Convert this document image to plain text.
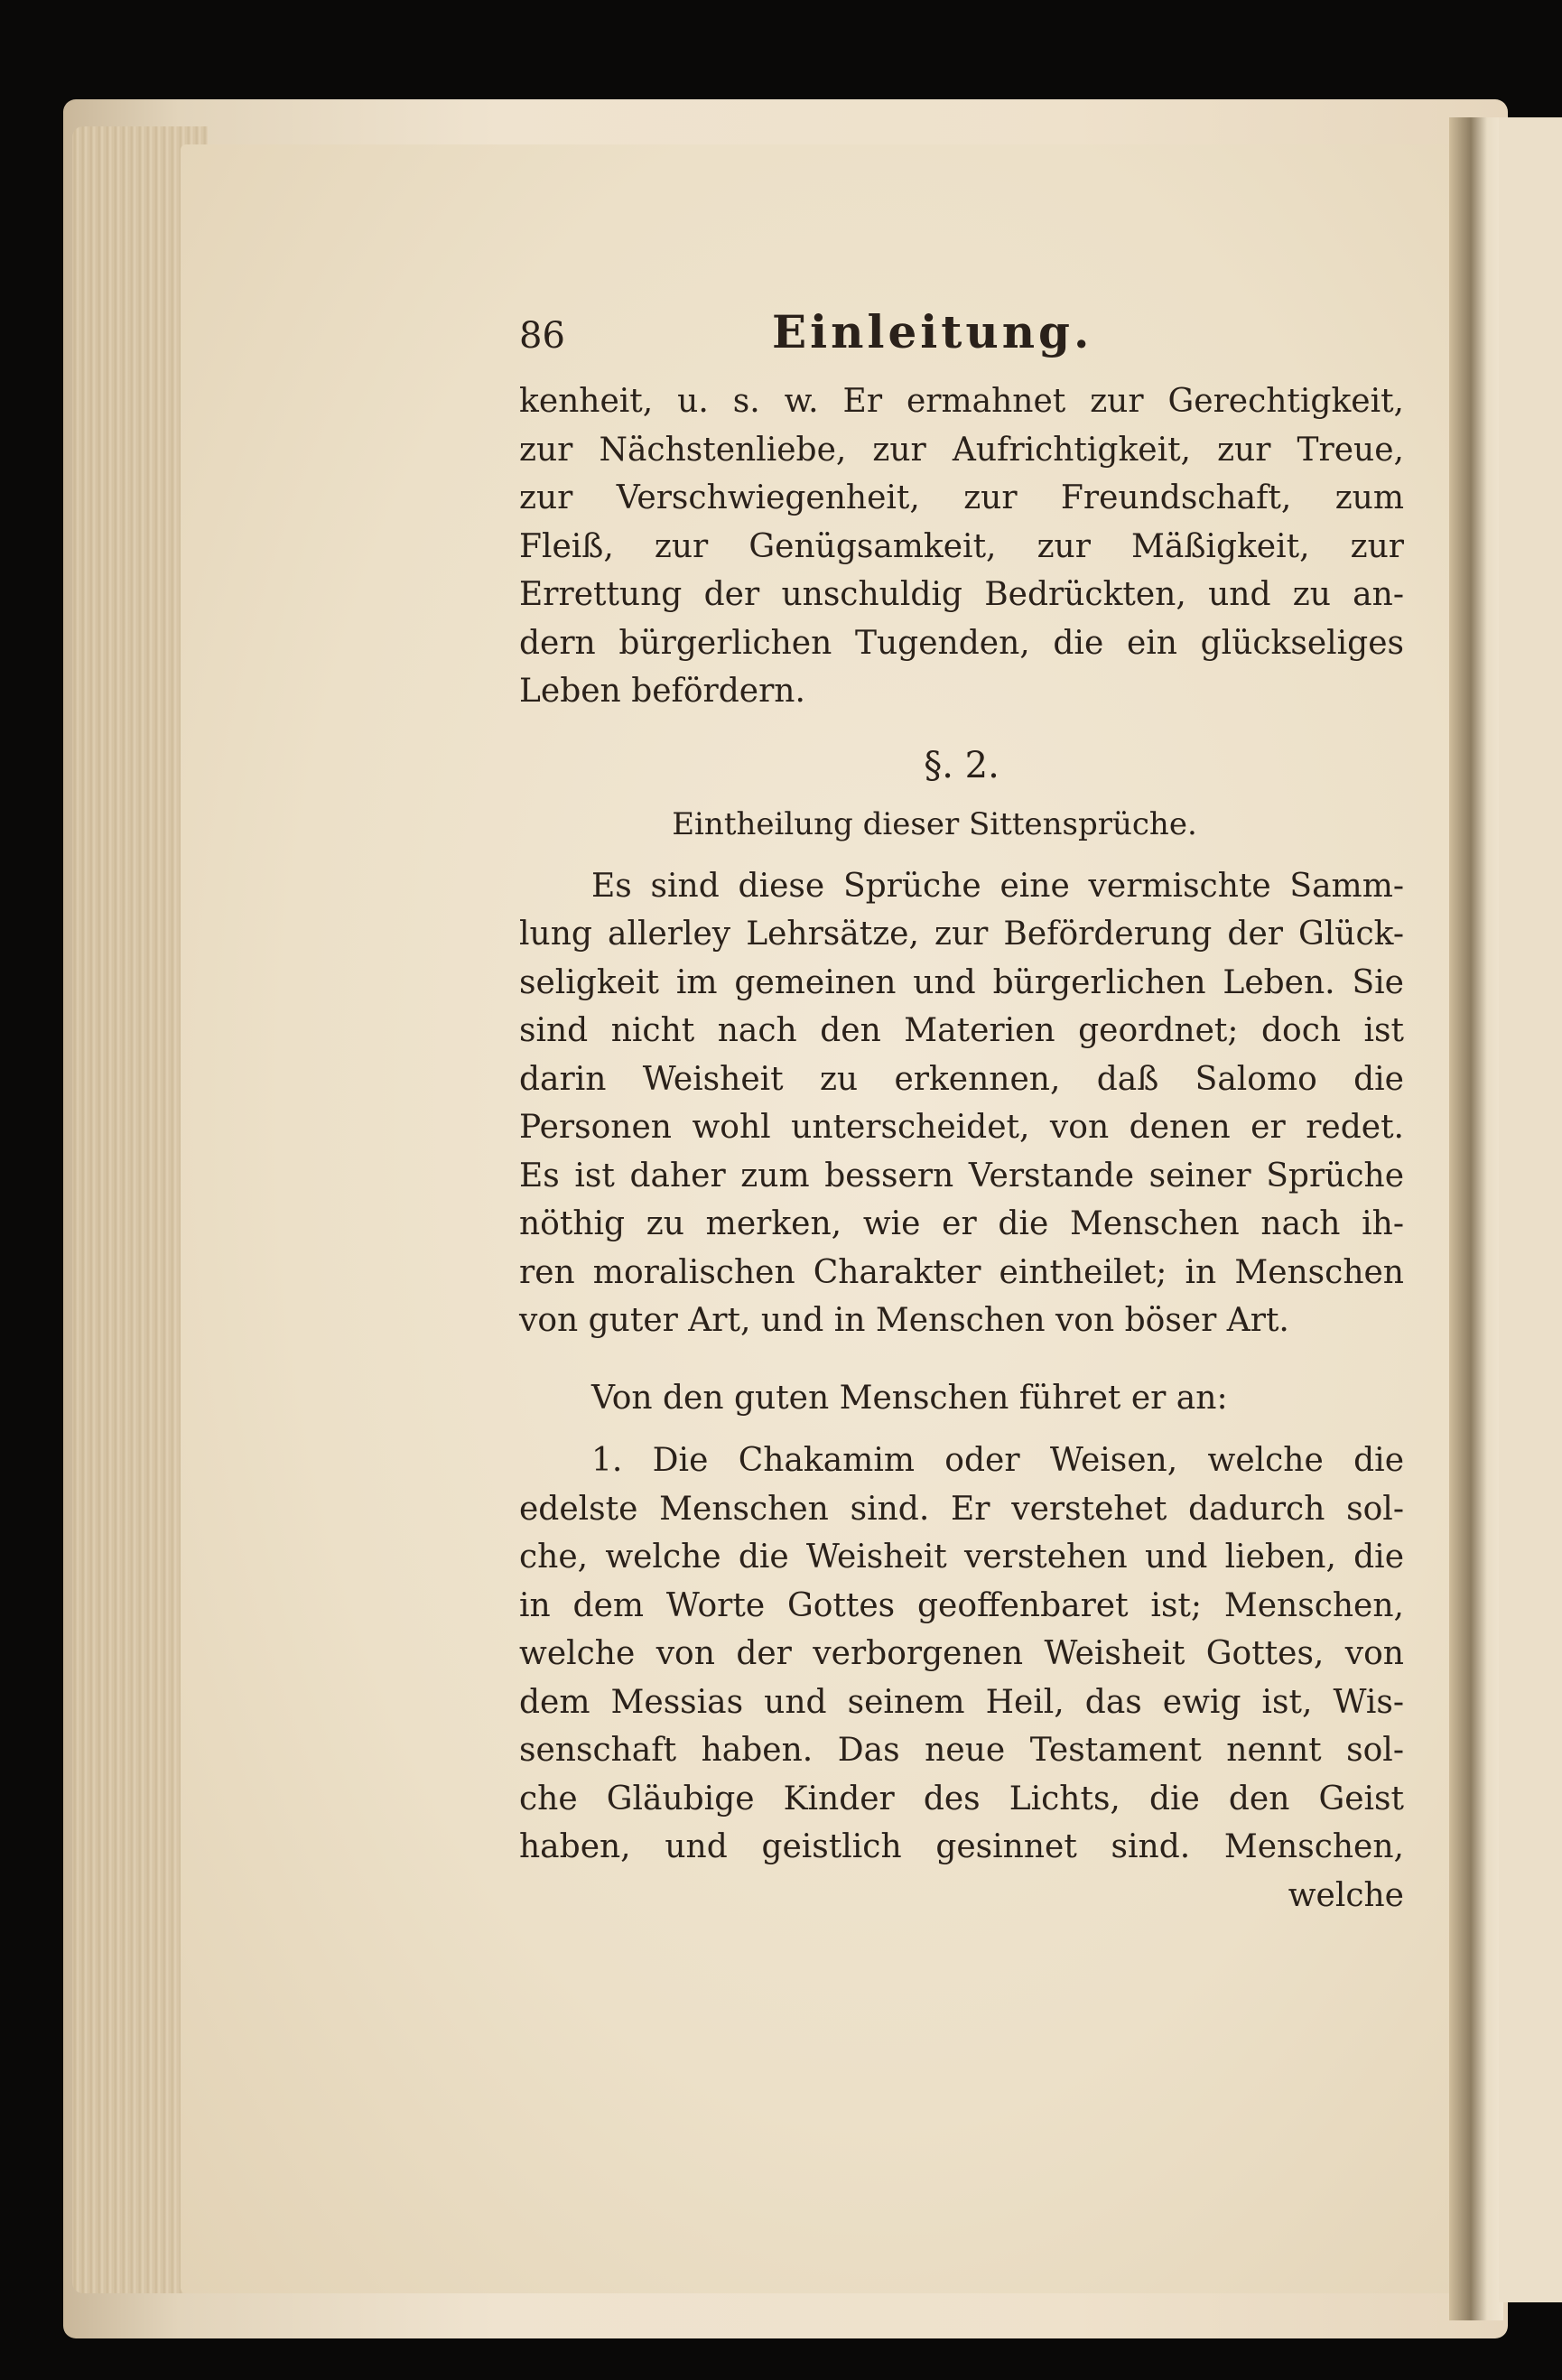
86	Einleitung.
kenheit, u. s. w. Er ermahnet zur Gerechtigkeit,
zur Nächstenliebe, zur Aufrichtigkeit, zur Treue,
zur Verschwiegenheit, zur Freundschaft, zum
Fleiß, zur Genügsamkeit, zur Mäßigkeit, zur
Errettung der unschuldig Bedrückten, und zu an-
dern bürgerlichen Tugenden, die ein glückseliges
Leben befördern.
§. 2.
Eintheilung dieser Sittensprüche.
Es sind diese Sprüche eine vermischte Samm-
lung allerley Lehrsätze, zur Beförderung der Glück-
seligkeit im gemeinen und bürgerlichen Leben. Sie
sind nicht nach den Materien geordnet; doch ist
darin Weisheit zu erkennen, daß Salomo die
Personen wohl unterscheidet, von denen er redet.
Es ist daher zum bessern Verstande seiner Sprüche
nöthig zu merken, wie er die Menschen nach ih-
ren moralischen Charakter eintheilet; in Menschen
von guter Art, und in Menschen von böser Art.
Von den guten Menschen führet er an:
1. Die Chakamim oder Weisen, welche die
edelste Menschen sind. Er verstehet dadurch sol-
che, welche die Weisheit verstehen und lieben, die
in dem Worte Gottes geoffenbaret ist; Menschen,
welche von der verborgenen Weisheit Gottes, von
dem Messias und seinem Heil, das ewig ist, Wis-
senschaft haben. Das neue Testament nennt sol-
che Gläubige Kinder des Lichts, die den Geist
haben, und geistlich gesinnet sind. Menschen,
welche
